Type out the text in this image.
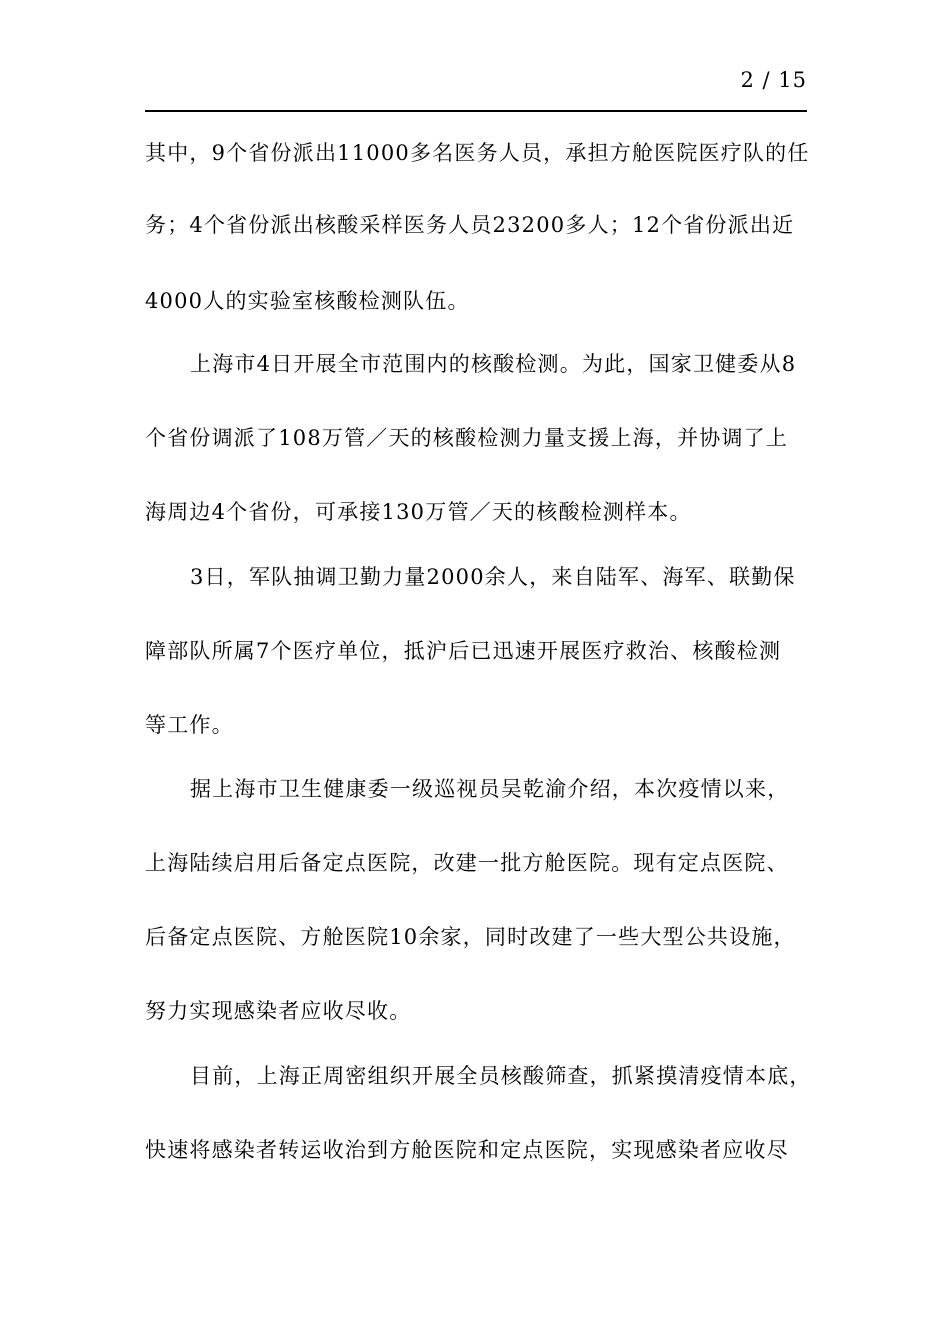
2 / 15
其中，9个省份派出11000多名医务人员，承担方舱医院医疗队的任
务；4个省份派出核酸采样医务人员23200多人；12个省份派出近
4000人的实验室核酸检测队伍。
上海市4日开展全市范围内的核酸检测。为此，国家卫健委从8
个省份调派了108万管／天的核酸检测力量支援上海，并协调了上
海周边4个省份，可承接130万管／天的核酸检测样本。
3日，军队抽调卫勤力量2000余人，来自陆军、海军、联勤保
障部队所属7个医疗单位，抵沪后已迅速开展医疗救治、核酸检测
等工作。
据上海市卫生健康委一级巡视员吴乾渝介绍，本次疫情以来，
上海陆续启用后备定点医院，改建一批方舱医院。现有定点医院、
后备定点医院、方舱医院10余家，同时改建了一些大型公共设施，
努力实现感染者应收尽收。
目前，上海正周密组织开展全员核酸筛查，抓紧摸清疫情本底，
快速将感染者转运收治到方舱医院和定点医院，实现感染者应收尽
